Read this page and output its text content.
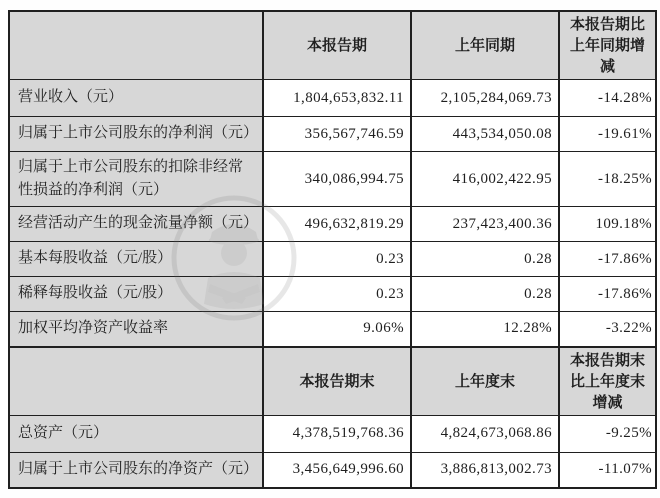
	本报告期	上年同期	本报告期比上年同期增减
营业收入（元）	1,804,653,832.11	2,105,284,069.73	-14.28%
归属于上市公司股东的净利润（元）	356,567,746.59	443,534,050.08	-19.61%
归属于上市公司股东的扣除非经常性损益的净利润（元）	340,086,994.75	416,002,422.95	-18.25%
经营活动产生的现金流量净额（元）	496,632,819.29	237,423,400.36	109.18%
基本每股收益（元/股）	0.23	0.28	-17.86%
稀释每股收益（元/股）	0.23	0.28	-17.86%
加权平均净资产收益率	9.06%	12.28%	-3.22%
	本报告期末	上年度末	本报告期末比上年度末增减
总资产（元）	4,378,519,768.36	4,824,673,068.86	-9.25%
归属于上市公司股东的净资产（元）	3,456,649,996.60	3,886,813,002.73	-11.07%
